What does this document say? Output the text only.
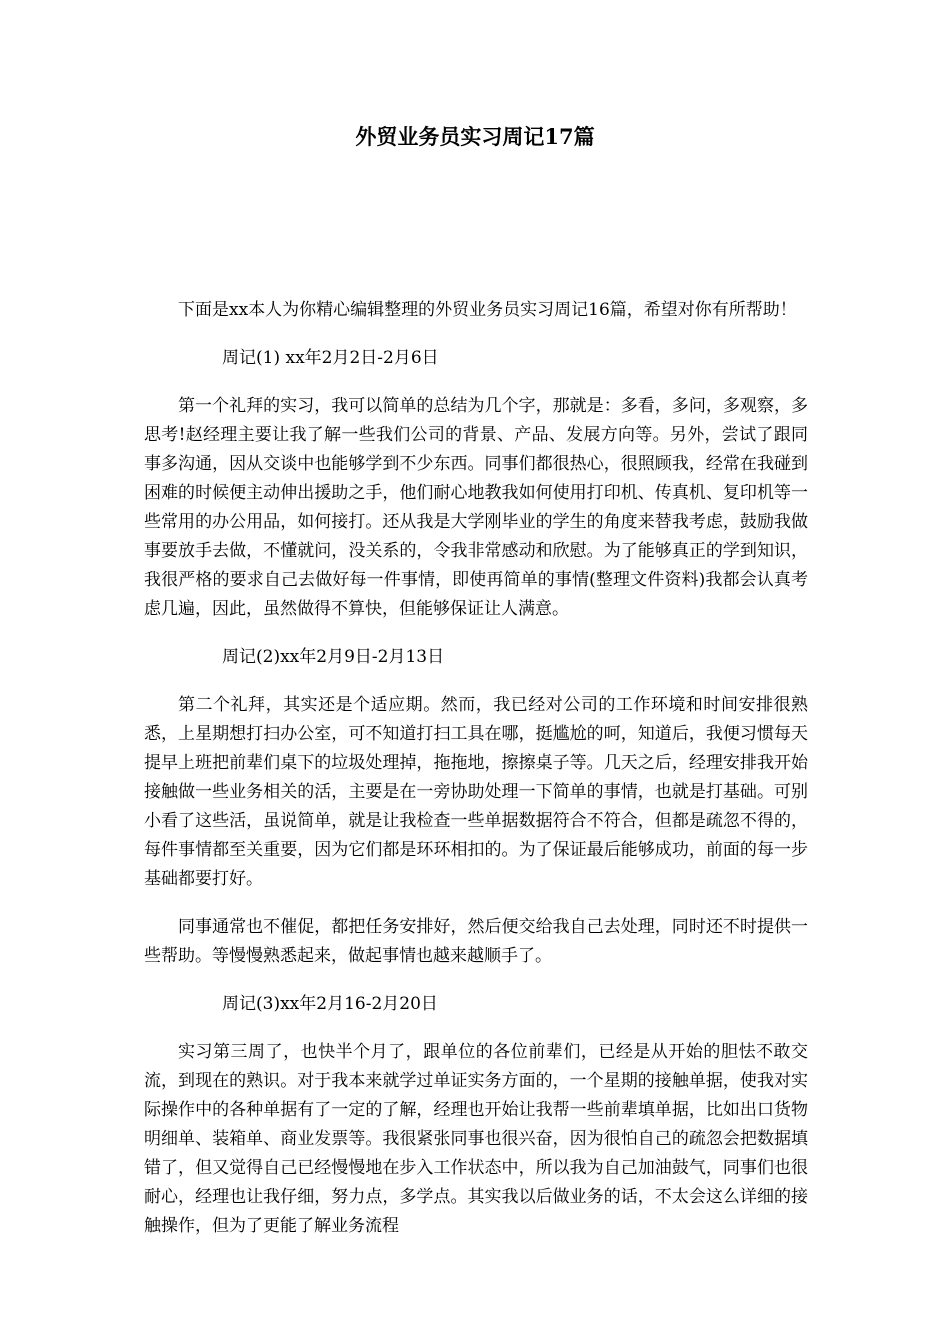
外贸业务员实习周记17篇

下面是xx本人为你精心编辑整理的外贸业务员实习周记16篇，希望对你有所帮助！

周记(1) xx年2月2日-2月6日

第一个礼拜的实习，我可以简单的总结为几个字，那就是：多看，多问，多观察，多思考!赵经理主要让我了解一些我们公司的背景、产品、发展方向等。另外，尝试了跟同事多沟通，因从交谈中也能够学到不少东西。同事们都很热心，很照顾我，经常在我碰到困难的时候便主动伸出援助之手，他们耐心地教我如何使用打印机、传真机、复印机等一些常用的办公用品，如何接打。还从我是大学刚毕业的学生的角度来替我考虑，鼓励我做事要放手去做，不懂就问，没关系的，令我非常感动和欣慰。为了能够真正的学到知识，我很严格的要求自己去做好每一件事情，即使再简单的事情(整理文件资料)我都会认真考虑几遍，因此，虽然做得不算快，但能够保证让人满意。

周记(2)xx年2月9日-2月13日

第二个礼拜，其实还是个适应期。然而，我已经对公司的工作环境和时间安排很熟悉，上星期想打扫办公室，可不知道打扫工具在哪，挺尴尬的呵，知道后，我便习惯每天提早上班把前辈们桌下的垃圾处理掉，拖拖地，擦擦桌子等。几天之后，经理安排我开始接触做一些业务相关的活，主要是在一旁协助处理一下简单的事情，也就是打基础。可别小看了这些活，虽说简单，就是让我检查一些单据数据符合不符合，但都是疏忽不得的，每件事情都至关重要，因为它们都是环环相扣的。为了保证最后能够成功，前面的每一步基础都要打好。

同事通常也不催促，都把任务安排好，然后便交给我自己去处理，同时还不时提供一些帮助。等慢慢熟悉起来，做起事情也越来越顺手了。

周记(3)xx年2月16-2月20日

实习第三周了，也快半个月了，跟单位的各位前辈们，已经是从开始的胆怯不敢交流，到现在的熟识。对于我本来就学过单证实务方面的，一个星期的接触单据，使我对实际操作中的各种单据有了一定的了解，经理也开始让我帮一些前辈填单据，比如出口货物明细单、装箱单、商业发票等。我很紧张同事也很兴奋，因为很怕自己的疏忽会把数据填错了，但又觉得自己已经慢慢地在步入工作状态中，所以我为自己加油鼓气，同事们也很耐心，经理也让我仔细，努力点，多学点。其实我以后做业务的话，不太会这么详细的接触操作，但为了更能了解业务流程
